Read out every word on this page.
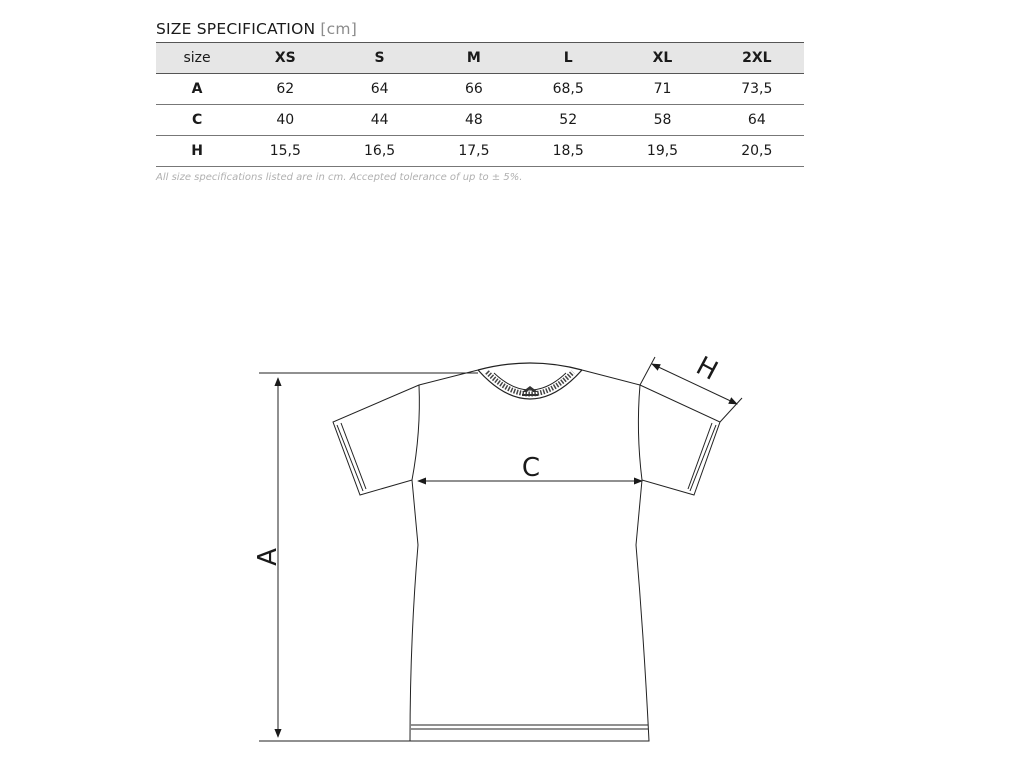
SIZE SPECIFICATION [cm]
size	XS	S	M	L	XL	2XL
A	62	64	66	68,5	71	73,5
C	40	44	48	52	58	64
H	15,5	16,5	17,5	18,5	19,5	20,5
All size specifications listed are in cm. Accepted tolerance of up to ± 5%.
A
C
H
